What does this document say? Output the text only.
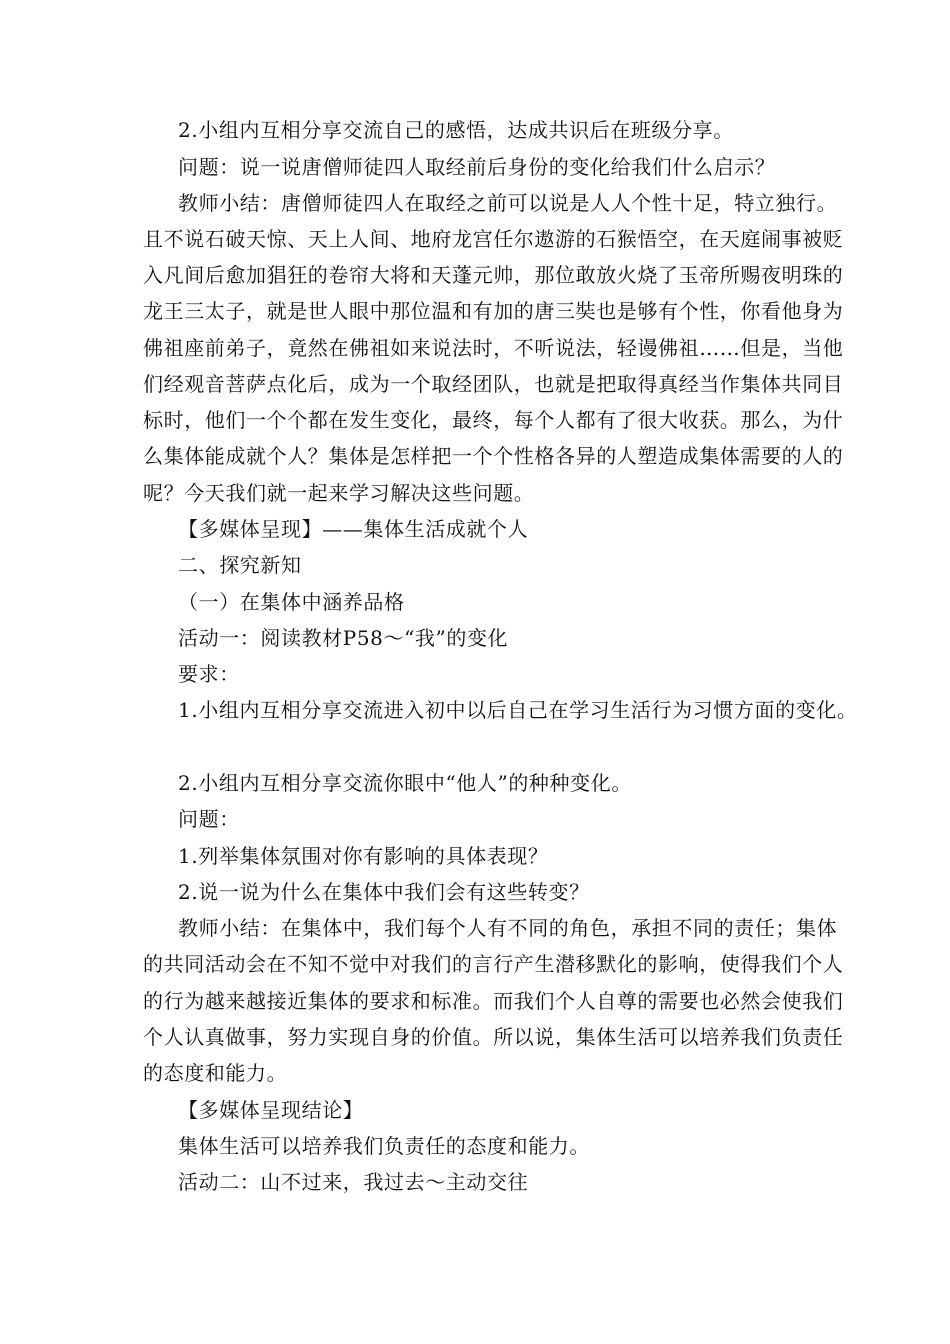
2.小组内互相分享交流自己的感悟，达成共识后在班级分享。
问题：说一说唐僧师徒四人取经前后身份的变化给我们什么启示？
教师小结：唐僧师徒四人在取经之前可以说是人人个性十足，特立独行。
且不说石破天惊、天上人间、地府龙宫任尔遨游的石猴悟空，在天庭闹事被贬
入凡间后愈加猖狂的卷帘大将和天蓬元帅，那位敢放火烧了玉帝所赐夜明珠的
龙王三太子，就是世人眼中那位温和有加的唐三奘也是够有个性，你看他身为
佛祖座前弟子，竟然在佛祖如来说法时，不听说法，轻谩佛祖……但是，当他
们经观音菩萨点化后，成为一个取经团队，也就是把取得真经当作集体共同目
标时，他们一个个都在发生变化，最终，每个人都有了很大收获。那么，为什
么集体能成就个人？集体是怎样把一个个性格各异的人塑造成集体需要的人的
呢？今天我们就一起来学习解决这些问题。
【多媒体呈现】——集体生活成就个人
二、探究新知
（一）在集体中涵养品格
活动一：阅读教材P58～“我”的变化
要求：
1.小组内互相分享交流进入初中以后自己在学习生活行为习惯方面的变化。
2.小组内互相分享交流你眼中“他人”的种种变化。
问题：
1.列举集体氛围对你有影响的具体表现？
2.说一说为什么在集体中我们会有这些转变？
教师小结：在集体中，我们每个人有不同的角色，承担不同的责任；集体
的共同活动会在不知不觉中对我们的言行产生潜移默化的影响，使得我们个人
的行为越来越接近集体的要求和标准。而我们个人自尊的需要也必然会使我们
个人认真做事，努力实现自身的价值。所以说，集体生活可以培养我们负责任
的态度和能力。
【多媒体呈现结论】
集体生活可以培养我们负责任的态度和能力。
活动二：山不过来，我过去～主动交往
